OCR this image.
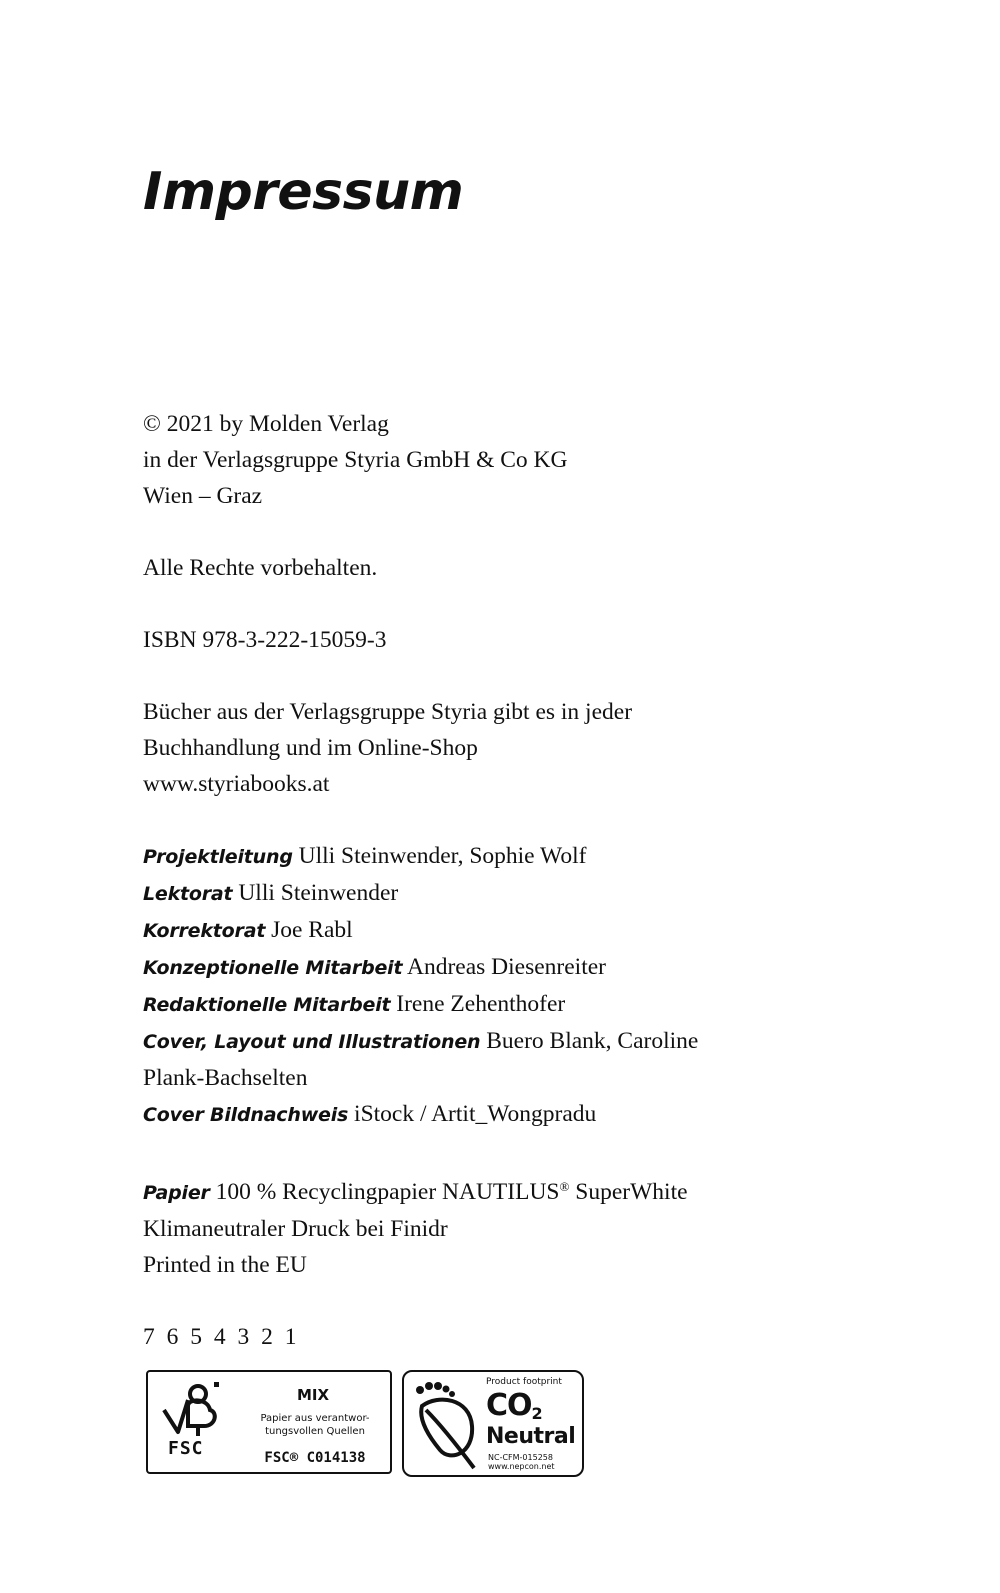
Impressum
© 2021 by Molden Verlag
in der Verlagsgruppe Styria GmbH & Co KG
Wien – Graz
Alle Rechte vorbehalten.
ISBN 978-3-222-15059-3
Bücher aus der Verlagsgruppe Styria gibt es in jeder
Buchhandlung und im Online-Shop
www.styriabooks.at
Projektleitung Ulli Steinwender, Sophie Wolf
Lektorat Ulli Steinwender
Korrektorat Joe Rabl
Konzeptionelle Mitarbeit Andreas Diesenreiter
Redaktionelle Mitarbeit Irene Zehenthofer
Cover, Layout und Illustrationen Buero Blank, Caroline
Plank-Bachselten
Cover Bildnachweis iStock / Artit_Wongpradu
Papier 100 % Recyclingpapier NAUTILUS® SuperWhite
Klimaneutraler Druck bei Finidr
Printed in the EU
7 6 5 4 3 2 1
FSC
MIX
Papier aus verantwor-
tungsvollen Quellen
FSC® C014138
Product footprint
CO2
Neutral
NC-CFM-015258
www.nepcon.net
